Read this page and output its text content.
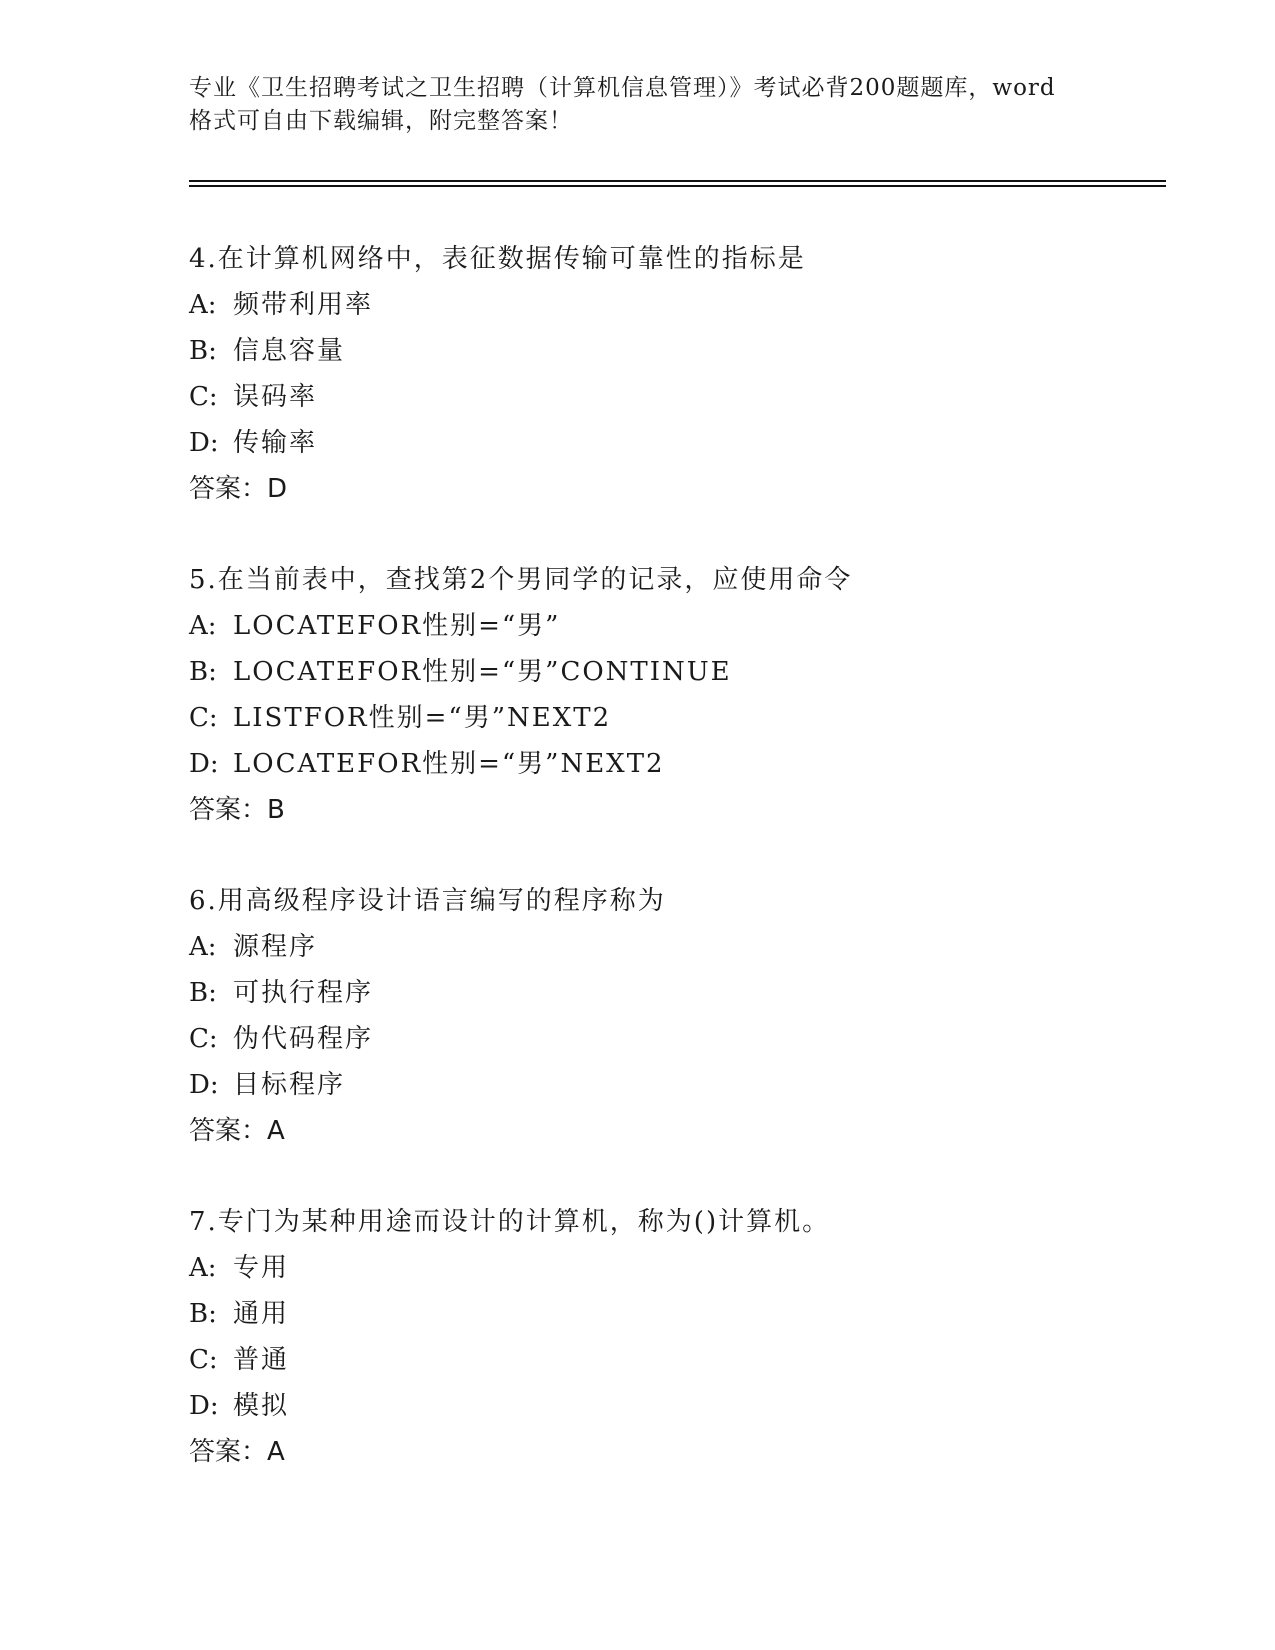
专业《卫生招聘考试之卫生招聘（计算机信息管理）》考试必背200题题库，word
格式可自由下载编辑，附完整答案！
4.在计算机网络中，表征数据传输可靠性的指标是
A: 频带利用率
B: 信息容量
C: 误码率
D: 传输率
答案：D
5.在当前表中，查找第2个男同学的记录，应使用命令
A: LOCATEFOR性别=“男”
B: LOCATEFOR性别=“男”CONTINUE
C: LISTFOR性别=“男”NEXT2
D: LOCATEFOR性别=“男”NEXT2
答案：B
6.用高级程序设计语言编写的程序称为
A: 源程序
B: 可执行程序
C: 伪代码程序
D: 目标程序
答案：A
7.专门为某种用途而设计的计算机，称为()计算机。
A: 专用
B: 通用
C: 普通
D: 模拟
答案：A
